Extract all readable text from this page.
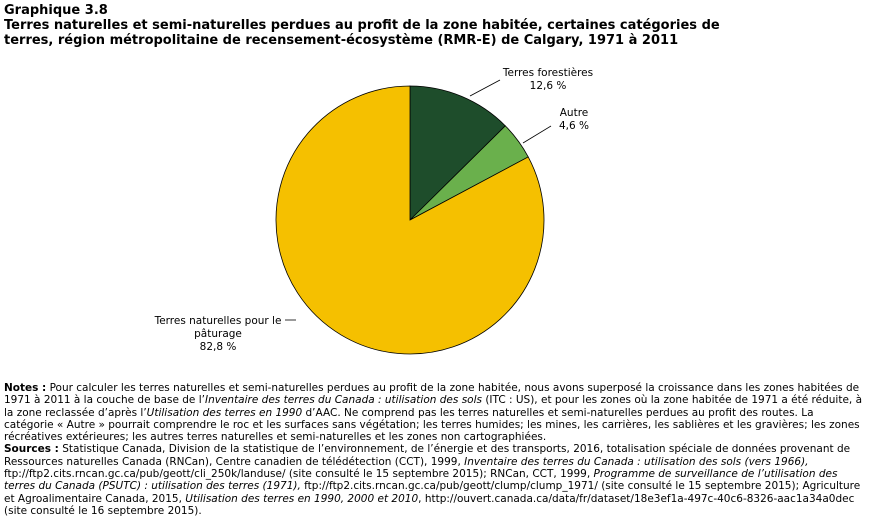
Graphique 3.8
Terres naturelles et semi-naturelles perdues au profit de la zone habitée, certaines catégories de
terres, région métropolitaine de recensement-écosystème (RMR-E) de Calgary, 1971 à 2011
Terres forestières 12,6 %
Autre 4,6 %
Terres naturelles pour le pâturage 82,8 %

Notes : Pour calculer les terres naturelles et semi-naturelles perdues au profit de la zone habitée, nous avons superposé la croissance dans les zones habitées de 1971 à 2011 à la couche de base de l’Inventaire des terres du Canada : utilisation des sols (ITC : US), et pour les zones où la zone habitée de 1971 a été réduite, à la zone reclassée d’après l’Utilisation des terres en 1990 d’AAC. Ne comprend pas les terres naturelles et semi-naturelles perdues au profit des routes. La catégorie « Autre » pourrait comprendre le roc et les surfaces sans végétation; les terres humides; les mines, les carrières, les sablières et les gravières; les zones récréatives extérieures; les autres terres naturelles et semi-naturelles et les zones non cartographiées.

Sources : Statistique Canada, Division de la statistique de l’environnement, de l’énergie et des transports, 2016, totalisation spéciale de données provenant de Ressources naturelles Canada (RNCan), Centre canadien de télédétection (CCT), 1999, Inventaire des terres du Canada : utilisation des sols (vers 1966), ftp://ftp2.cits.rncan.gc.ca/pub/geott/cli_250k/landuse/ (site consulté le 15 septembre 2015); RNCan, CCT, 1999, Programme de surveillance de l’utilisation des terres du Canada (PSUTC) : utilisation des terres (1971), ftp://ftp2.cits.rncan.gc.ca/pub/geott/clump/clump_1971/ (site consulté le 15 septembre 2015); Agriculture et Agroalimentaire Canada, 2015, Utilisation des terres en 1990, 2000 et 2010, http://ouvert.canada.ca/data/fr/dataset/18e3ef1a-497c-40c6-8326-aac1a34a0dec (site consulté le 16 septembre 2015).
